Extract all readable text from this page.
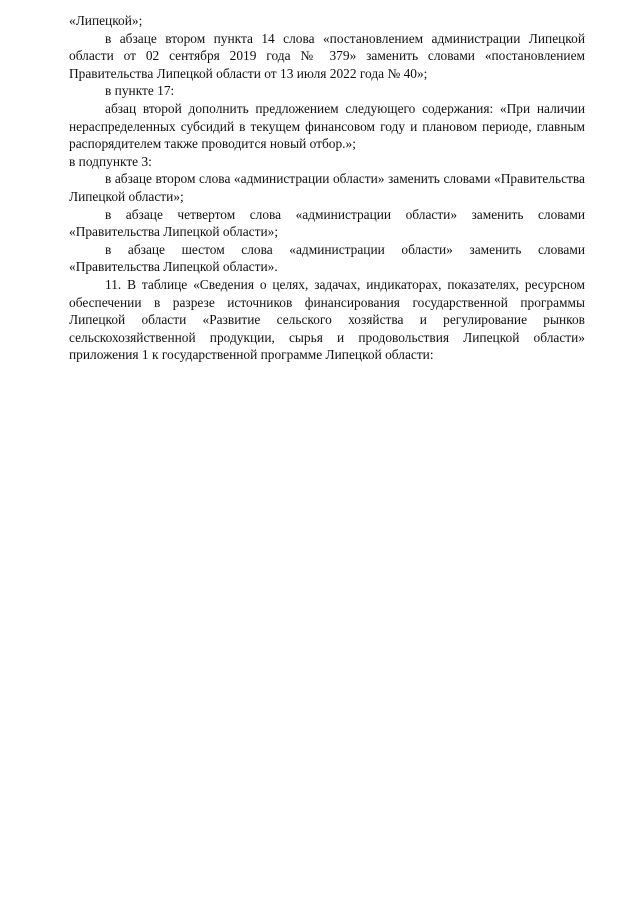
«Липецкой»;

в абзаце втором пункта 14 слова «постановлением администрации Липецкой области от 02 сентября 2019 года № 379» заменить словами «постановлением Правительства Липецкой области от 13 июля 2022 года № 40»;

в пункте 17:

абзац второй дополнить предложением следующего содержания: «При наличии нераспределенных субсидий в текущем финансовом году и плановом периоде, главным распорядителем также проводится новый отбор.»;

в подпункте 3:

в абзаце втором слова «администрации области» заменить словами «Правительства Липецкой области»;

в абзаце четвертом слова «администрации области» заменить словами «Правительства Липецкой области»;

в абзаце шестом слова «администрации области» заменить словами «Правительства Липецкой области».

11. В таблице «Сведения о целях, задачах, индикаторах, показателях, ресурсном обеспечении в разрезе источников финансирования государственной программы Липецкой области «Развитие сельского хозяйства и регулирование рынков сельскохозяйственной продукции, сырья и продовольствия Липецкой области» приложения 1 к государственной программе Липецкой области:
